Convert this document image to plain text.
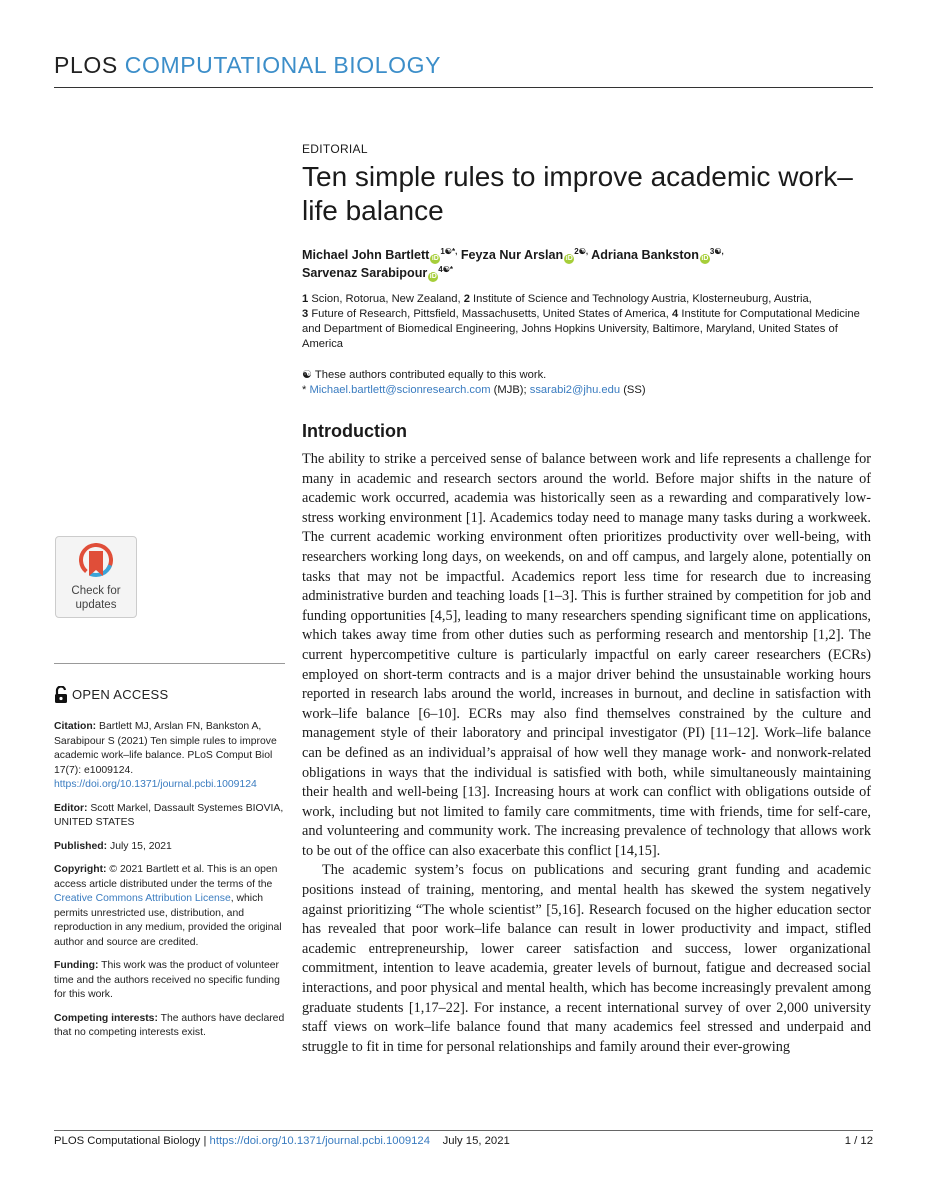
PLOS COMPUTATIONAL BIOLOGY
EDITORIAL
Ten simple rules to improve academic work–life balance
Michael John Bartlett iD$^{1☯*,}$ Feyza Nur Arslan iD$^{2☯,}$ Adriana Bankston iD$^{3☯,}$
Sarvenaz Sarabipour iD$^{4☯*}$
1 Scion, Rotorua, New Zealand, 2 Institute of Science and Technology Austria, Klosterneuburg, Austria,
3 Future of Research, Pittsfield, Massachusetts, United States of America, 4 Institute for Computational Medicine and Department of Biomedical Engineering, Johns Hopkins University, Baltimore, Maryland, United States of America
☯ These authors contributed equally to this work.
* Michael.bartlett@scionresearch.com (MJB); ssarabi2@jhu.edu (SS)
Introduction

The ability to strike a perceived sense of balance between work and life represents a challenge for many in academic and research sectors around the world. Before major shifts in the nature of academic work occurred, academia was historically seen as a rewarding and comparatively low-stress working environment [1]. Academics today need to manage many tasks during a workweek. The current academic working environment often prioritizes productivity over well-being, with researchers working long days, on weekends, on and off campus, and largely alone, potentially on tasks that may not be impactful. Academics report less time for research due to increasing administrative burden and teaching loads [1–3]. This is further strained by competition for job and funding opportunities [4,5], leading to many researchers spending significant time on applications, which takes away time from other duties such as performing research and mentorship [1,2]. The current hypercompetitive culture is particularly impactful on early career researchers (ECRs) employed on short-term contracts and is a major driver behind the unsustainable working hours reported in research labs around the world, increases in burnout, and decline in satisfaction with work–life balance [6–10]. ECRs may also find themselves constrained by the culture and management style of their laboratory and principal investigator (PI) [11–12]. Work–life balance can be defined as an individual’s appraisal of how well they manage work- and nonwork-related obligations in ways that the individual is satisfied with both, while simultaneously maintaining their health and well-being [13]. Increasing hours at work can conflict with obligations outside of work, including but not limited to family care commitments, time with friends, time for self-care, and volunteering and community work. The increasing prevalence of technology that allows work to be out of the office can also exacerbate this conflict [14,15].

The academic system’s focus on publications and securing grant funding and academic positions instead of training, mentoring, and mental health has skewed the system negatively against prioritizing “The whole scientist” [5,16]. Research focused on the higher education sector has revealed that poor work–life balance can result in lower productivity and impact, stifled academic entrepreneurship, lower career satisfaction and success, lower organizational commitment, intention to leave academia, greater levels of burnout, fatigue and decreased social interactions, and poor physical and mental health, which has become increasingly prevalent among graduate students [1,17–22]. For instance, a recent international survey of over 2,000 university staff views on work–life balance found that many academics feel stressed and underpaid and struggle to fit in time for personal relationships and family around their ever-growing

Check for
updates
OPEN ACCESS

Citation: Bartlett MJ, Arslan FN, Bankston A, Sarabipour S (2021) Ten simple rules to improve academic work–life balance. PLoS Comput Biol 17(7): e1009124. https://doi.org/10.1371/journal.pcbi.1009124

Editor: Scott Markel, Dassault Systemes BIOVIA, UNITED STATES

Published: July 15, 2021

Copyright: © 2021 Bartlett et al. This is an open access article distributed under the terms of the Creative Commons Attribution License, which permits unrestricted use, distribution, and reproduction in any medium, provided the original author and source are credited.

Funding: This work was the product of volunteer time and the authors received no specific funding for this work.

Competing interests: The authors have declared that no competing interests exist.

PLOS Computational Biology | https://doi.org/10.1371/journal.pcbi.1009124 July 15, 2021	1 / 12
